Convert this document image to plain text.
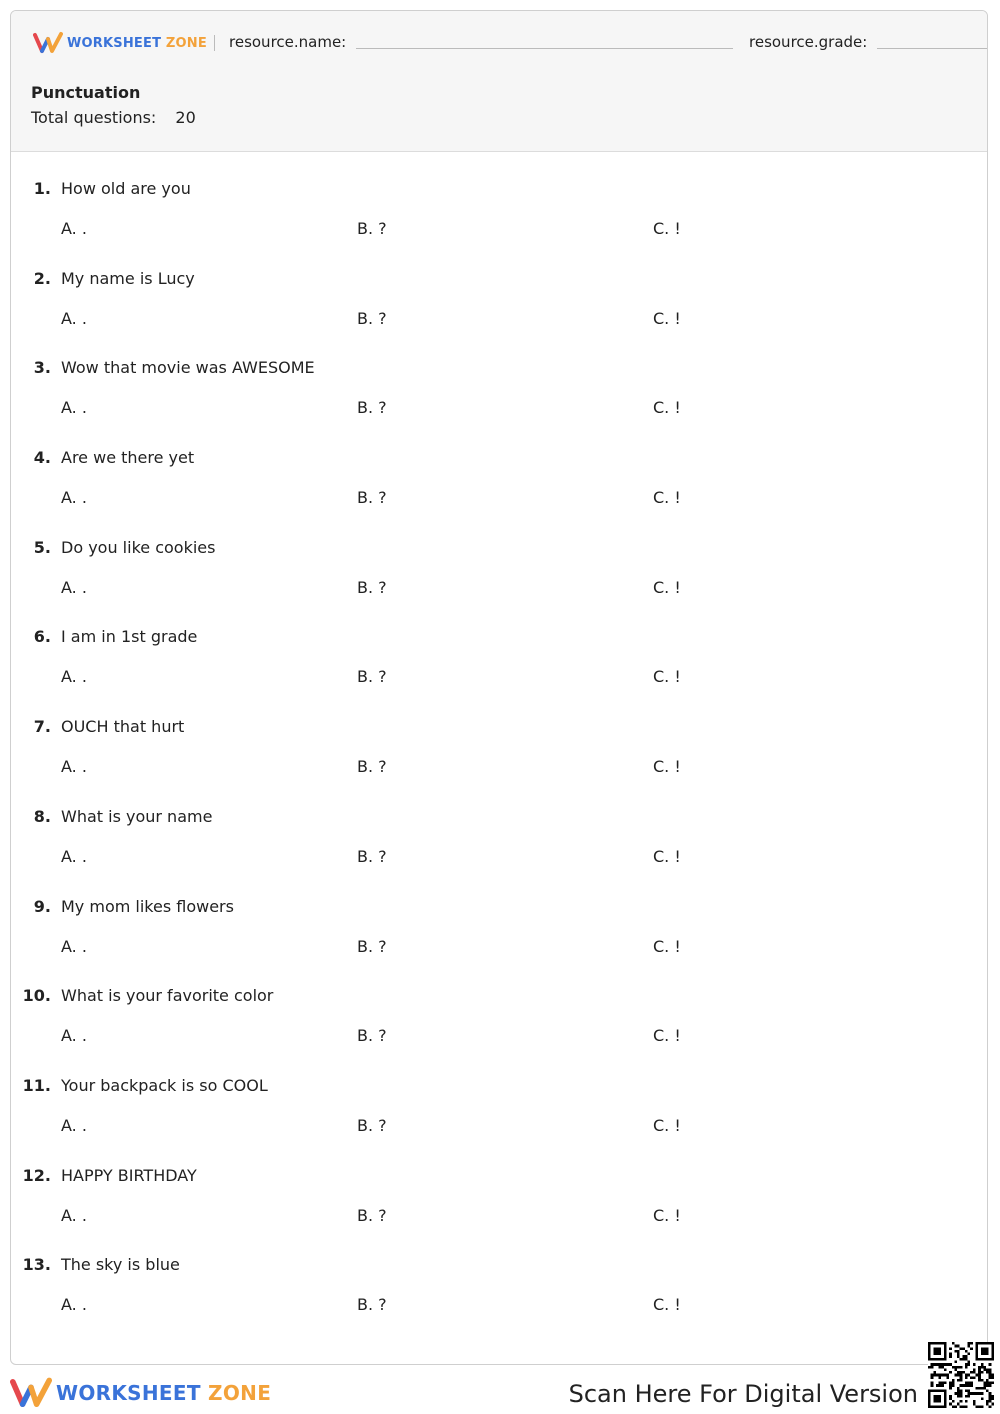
WORKSHEET ZONE resource.name:	resource.grade:
Punctuation
Total questions: 20
1. How old are you
A. .	B. ?	C. !
2. My name is Lucy
A. .	B. ?	C. !
3. Wow that movie was AWESOME
A. .	B. ?	C. !
4. Are we there yet
A. .	B. ?	C. !
5. Do you like cookies
A. .	B. ?	C. !
6. I am in 1st grade
A. .	B. ?	C. !
7. OUCH that hurt
A. .	B. ?	C. !
8. What is your name
A. .	B. ?	C. !
9. My mom likes flowers
A. .	B. ?	C. !
10. What is your favorite color
A. .	B. ?	C. !
11. Your backpack is so COOL
A. .	B. ?	C. !
12. HAPPY BIRTHDAY
A. .	B. ?	C. !
13. The sky is blue
A. .	B. ?	C. !
WORKSHEET ZONE	Scan Here For Digital Version
